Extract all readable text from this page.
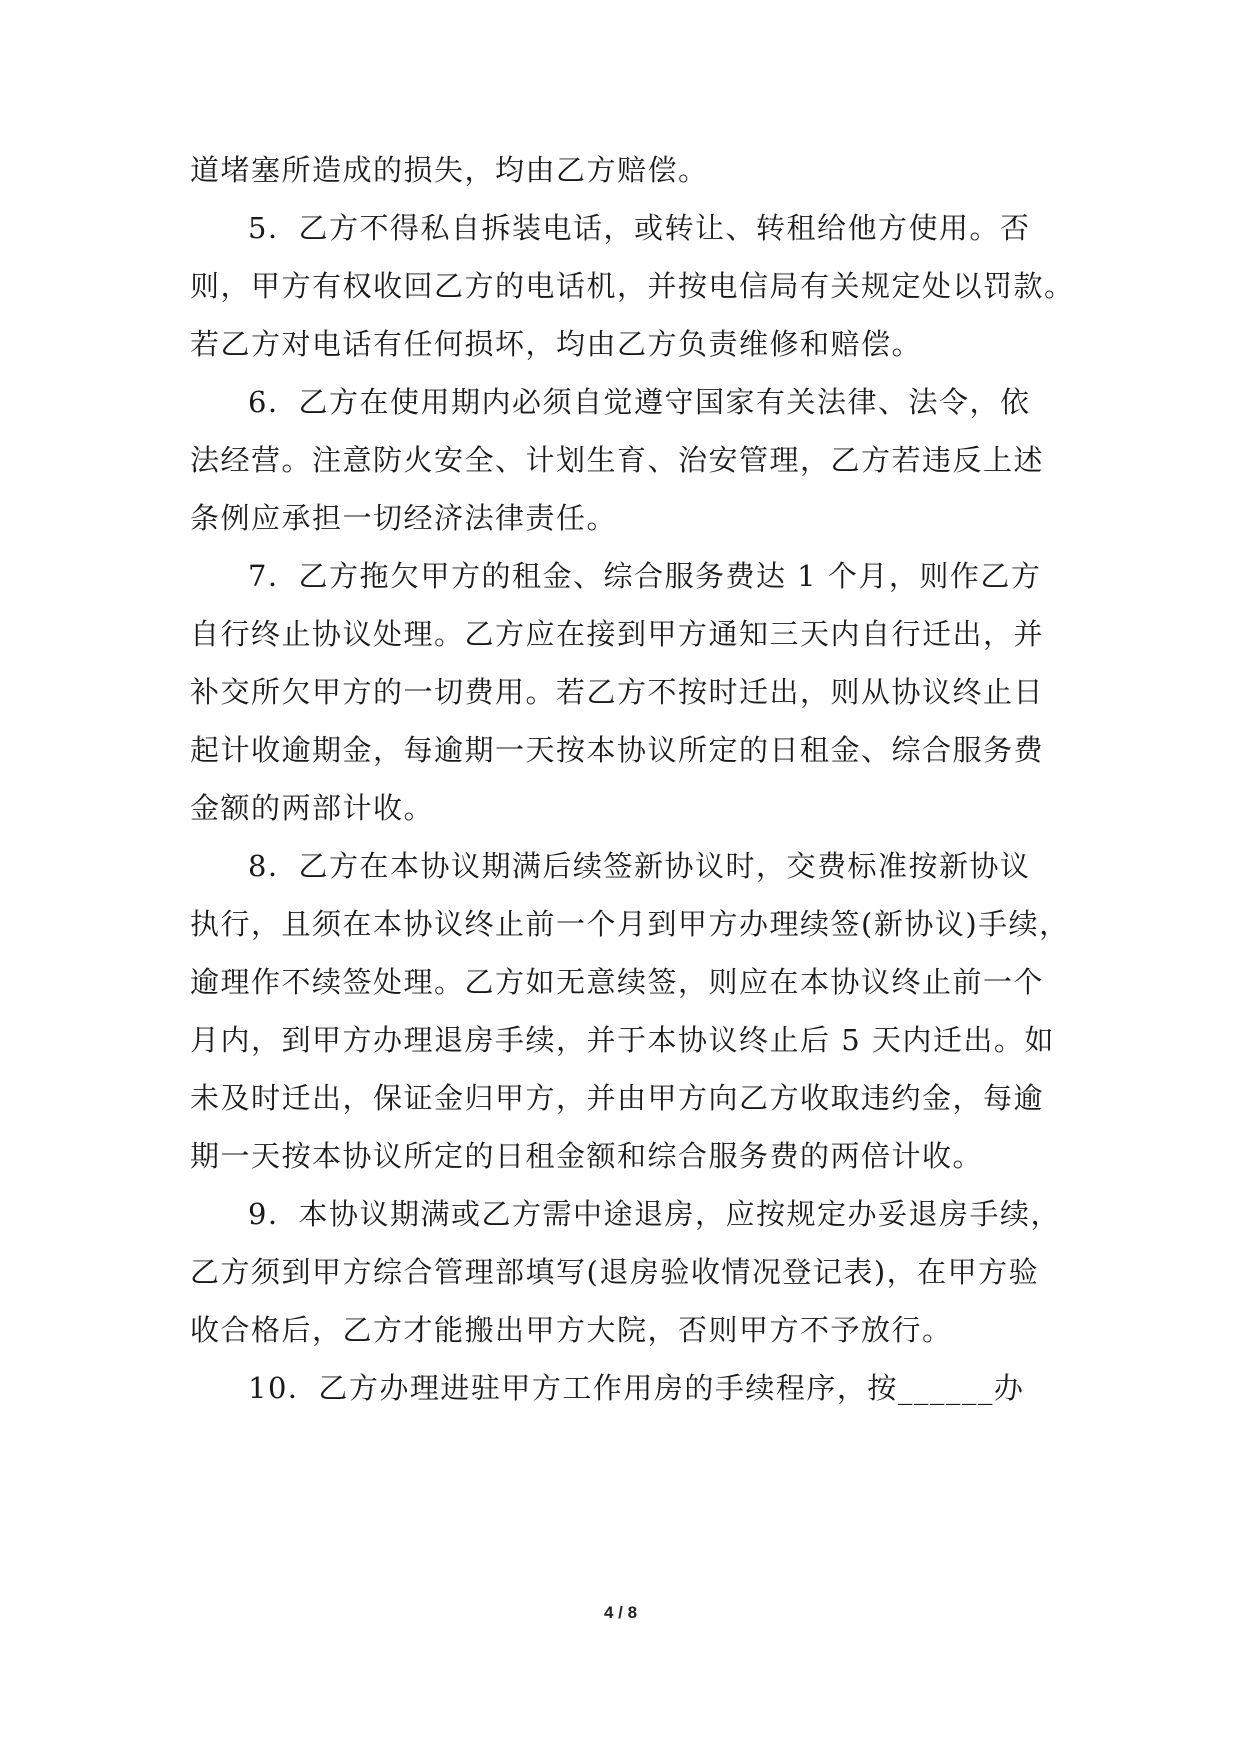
道堵塞所造成的损失，均由乙方赔偿。
5．乙方不得私自拆装电话，或转让、转租给他方使用。否
则，甲方有权收回乙方的电话机，并按电信局有关规定处以罚款。
若乙方对电话有任何损坏，均由乙方负责维修和赔偿。
6．乙方在使用期内必须自觉遵守国家有关法律、法令，依
法经营。注意防火安全、计划生育、治安管理，乙方若违反上述
条例应承担一切经济法律责任。
7．乙方拖欠甲方的租金、综合服务费达 1 个月，则作乙方
自行终止协议处理。乙方应在接到甲方通知三天内自行迁出，并
补交所欠甲方的一切费用。若乙方不按时迁出，则从协议终止日
起计收逾期金，每逾期一天按本协议所定的日租金、综合服务费
金额的两部计收。
8．乙方在本协议期满后续签新协议时，交费标准按新协议
执行，且须在本协议终止前一个月到甲方办理续签(新协议)手续，
逾理作不续签处理。乙方如无意续签，则应在本协议终止前一个
月内，到甲方办理退房手续，并于本协议终止后 5 天内迁出。如
未及时迁出，保证金归甲方，并由甲方向乙方收取违约金，每逾
期一天按本协议所定的日租金额和综合服务费的两倍计收。
9．本协议期满或乙方需中途退房，应按规定办妥退房手续，
乙方须到甲方综合管理部填写(退房验收情况登记表)，在甲方验
收合格后，乙方才能搬出甲方大院，否则甲方不予放行。
10．乙方办理进驻甲方工作用房的手续程序，按______办
4 / 8
